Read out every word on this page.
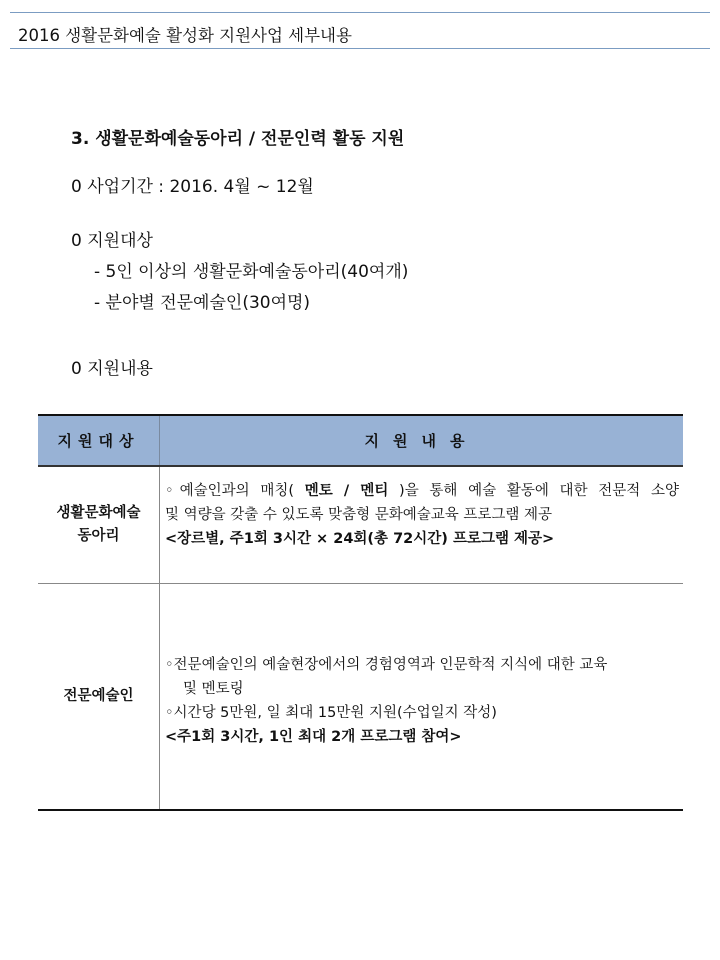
2016 생활문화예술 활성화 지원사업 세부내용
3. 생활문화예술동아리 / 전문인력 활동 지원
0 사업기간 : 2016. 4월 ~ 12월
0 지원대상
- 5인 이상의 생활문화예술동아리(40여개)
- 분야별 전문예술인(30여명)
0 지원내용
지원대상	지원내용
생활문화예술
동아리
◦예술인과의 매칭( 멘토 / 멘티 )을 통해 예술 활동에 대한 전문적 소양
및 역량을 갖출 수 있도록 맞춤형 문화예술교육 프로그램 제공
<장르별, 주1회 3시간 × 24회(총 72시간) 프로그램 제공>
전문예술인
◦전문예술인의 예술현장에서의 경험영역과 인문학적 지식에 대한 교육
및 멘토링
◦시간당 5만원, 일 최대 15만원 지원(수업일지 작성)
<주1회 3시간, 1인 최대 2개 프로그램 참여>
